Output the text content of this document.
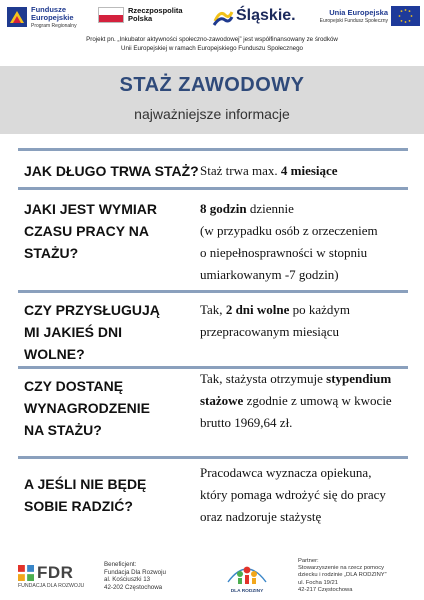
Fundusze
Europejskie
Program Regionalny
Rzeczpospolita
Polska	Śląskie.	Unia Europejska
Europejski Fundusz Społeczny
Projekt pn. „Inkubator aktywności społeczno-zawodowej” jest współfinansowany ze środków
Unii Europejskiej w ramach Europejskiego Funduszu Społecznego
STAŻ ZAWODOWY
najważniejsze informacje
JAK DŁUGO TRWA STAŻ? Staż trwa max. 4 miesiące
JAKI JEST WYMIAR
CZASU PRACY NA
STAŻU?
8 godzin dziennie
(w przypadku osób z orzeczeniem
o niepełnosprawności w stopniu
umiarkowanym -7 godzin)
CZY PRZYSŁUGUJĄ
MI JAKIEŚ DNI
WOLNE?
Tak, 2 dni wolne po każdym
przepracowanym miesiącu
CZY DOSTANĘ
WYNAGRODZENIE
NA STAŻU?
Tak, stażysta otrzymuje stypendium
stażowe zgodnie z umową w kwocie
brutto 1969,64 zł.
A JEŚLI NIE BĘDĘ
SOBIE RADZIĆ?
Pracodawca wyznacza opiekuna,
który pomaga wdrożyć się do pracy
oraz nadzoruje stażystę
FDR
FUNDACJA DLA ROZWOJU
Beneficjent:
Fundacja Dla Rozwoju
al. Kościuszki 13
42-202 Częstochowa
DLA RODZINY
Partner:
Stowarzyszenie na rzecz pomocy
dziecku i rodzinie „DLA RODZINY”
ul. Focha 19/21
42-217 Częstochowa
